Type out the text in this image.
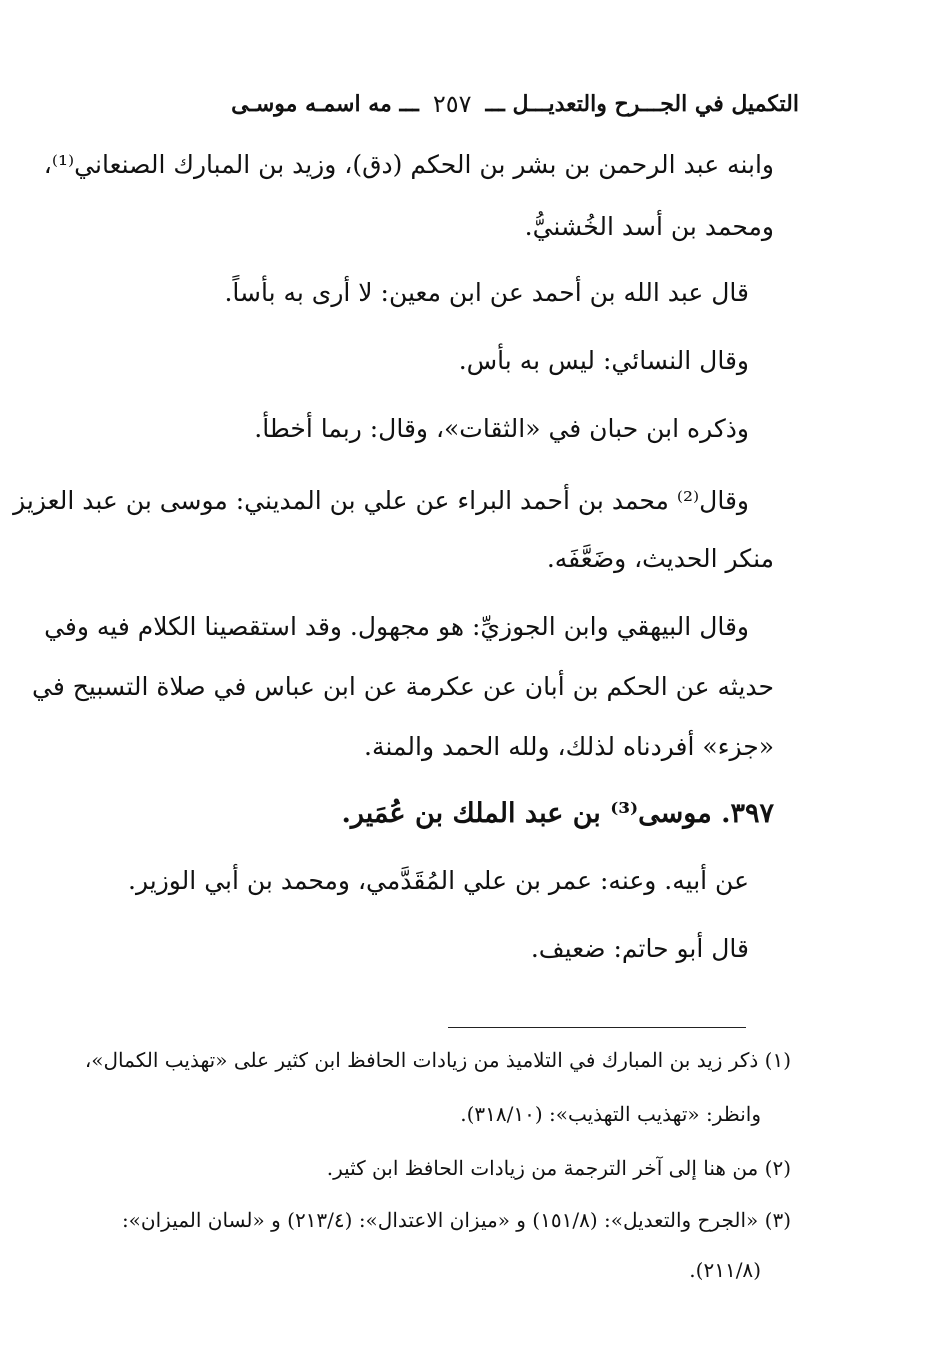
التكميل في الجـــرح والتعديـــل ـــ
٢٥٧
ـــ مه اسمـه موسـى
وابنه عبد الرحمن بن بشر بن الحكم (دق)، وزيد بن المبارك الصنعاني⁽¹⁾،
ومحمد بن أسد الخُشنيُّ.
قال عبد الله بن أحمد عن ابن معين: لا أرى به بأساً.
وقال النسائي: ليس به بأس.
وذكره ابن حبان في «الثقات»، وقال: ربما أخطأ.
وقال⁽²⁾ محمد بن أحمد البراء عن علي بن المديني: موسى بن عبد العزيز
منكر الحديث، وضَعَّفَه.
وقال البيهقي وابن الجوزيِّ: هو مجهول. وقد استقصينا الكلام فيه وفي
حديثه عن الحكم بن أبان عن عكرمة عن ابن عباس في صلاة التسبيح في
«جزء» أفردناه لذلك، ولله الحمد والمنة.
٣٩٧. موسى⁽³⁾ بن عبد الملك بن عُمَير.
عن أبيه. وعنه: عمر بن علي المُقَدَّمي، ومحمد بن أبي الوزير.
قال أبو حاتم: ضعيف.
(١) ذكر زيد بن المبارك في التلاميذ من زيادات الحافظ ابن كثير على «تهذيب الكمال»،
وانظر: «تهذيب التهذيب»: (٣١٨/١٠).
(٢) من هنا إلى آخر الترجمة من زيادات الحافظ ابن كثير.
(٣) «الجرح والتعديل»: (١٥١/٨) و «ميزان الاعتدال»: (٢١٣/٤) و «لسان الميزان»:
(٢١١/٨).
